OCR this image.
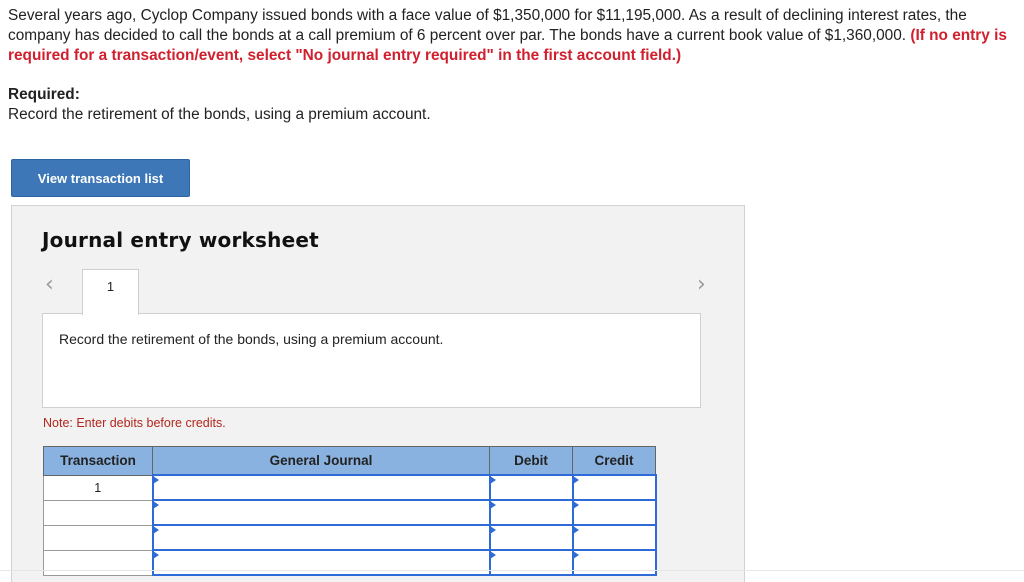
Several years ago, Cyclop Company issued bonds with a face value of $1,350,000 for $11,195,000. As a result of declining interest rates, the company has decided to call the bonds at a call premium of 6 percent over par. The bonds have a current book value of $1,360,000. (If no entry is required for a transaction/event, select "No journal entry required" in the first account field.)
Required:
Record the retirement of the bonds, using a premium account.
View transaction list
Journal entry worksheet
‹	›
1
Record the retirement of the bonds, using a premium account.
Note: Enter debits before credits.
Transaction	General Journal	Debit	Credit
1	
